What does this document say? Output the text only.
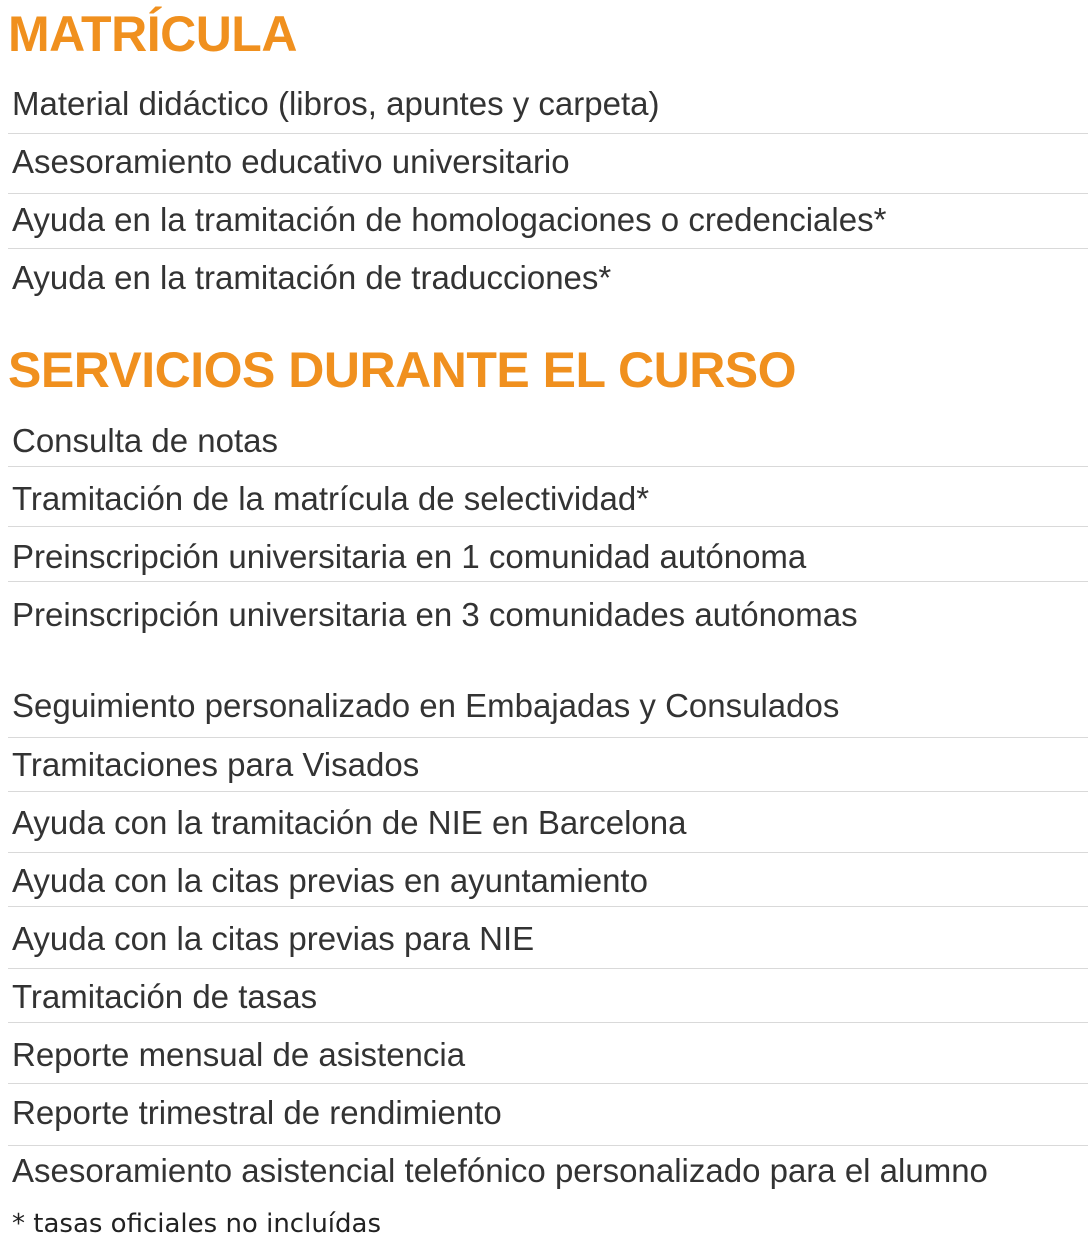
MATRÍCULA
Material didáctico (libros, apuntes y carpeta)
Asesoramiento educativo universitario
Ayuda en la tramitación de homologaciones o credenciales*
Ayuda en la tramitación de traducciones*
SERVICIOS DURANTE EL CURSO
Consulta de notas
Tramitación de la matrícula de selectividad*
Preinscripción universitaria en 1 comunidad autónoma
Preinscripción universitaria en 3 comunidades autónomas
Seguimiento personalizado en Embajadas y Consulados
Tramitaciones para Visados
Ayuda con la tramitación de NIE en Barcelona
Ayuda con la citas previas en ayuntamiento
Ayuda con la citas previas para NIE
Tramitación de tasas
Reporte mensual de asistencia
Reporte trimestral de rendimiento
Asesoramiento asistencial telefónico personalizado para el alumno
* tasas oficiales no incluídas
